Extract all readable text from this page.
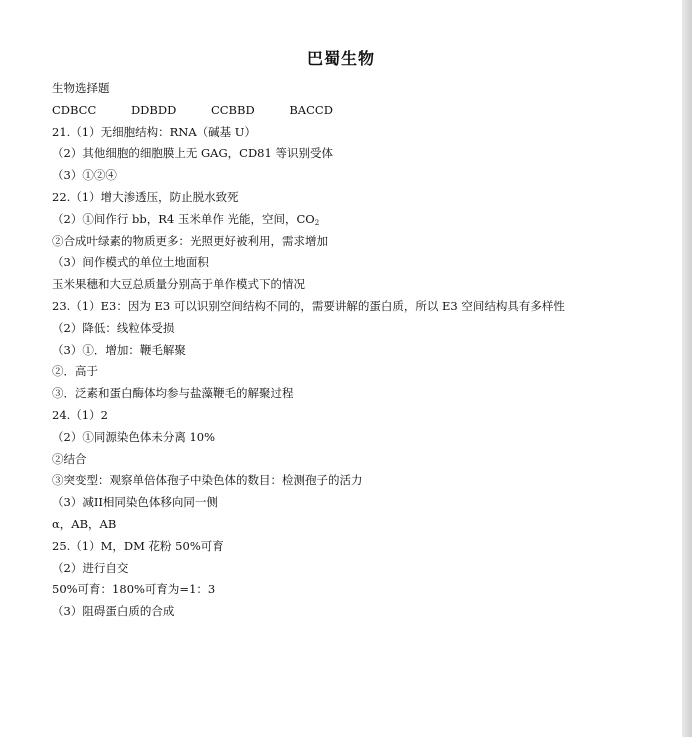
巴蜀生物
生物选择题
CDBCC	DDBDD	CCBBD	BACCD
21.（1）无细胞结构：RNA（碱基 U）
（2）其他细胞的细胞膜上无 GAG，CD81 等识别受体
（3）①②④
22.（1）增大渗透压，防止脱水致死
（2）①间作行 bb，R4 玉米单作 光能，空间，$CO_2$
②合成叶绿素的物质更多：光照更好被利用，需求增加
（3）间作模式的单位土地面积
玉米果穗和大豆总质量分别高于单作模式下的情况
23.（1）E3：因为 E3 可以识别空间结构不同的，需要讲解的蛋白质，所以 E3 空间结构具有多样性
（2）降低：线粒体受损
（3）①．增加：鞭毛解聚
②．高于
③．泛素和蛋白酶体均参与盐藻鞭毛的解聚过程
24.（1）2
（2）①同源染色体未分离 10%
②结合
③突变型：观察单倍体孢子中染色体的数目：检测孢子的活力
（3）减II相同染色体移向同一侧
α，AB，AB
25.（1）M，DM 花粉 50%可育
（2）进行自交
50%可育：180%可育为=1：3
（3）阻碍蛋白质的合成
